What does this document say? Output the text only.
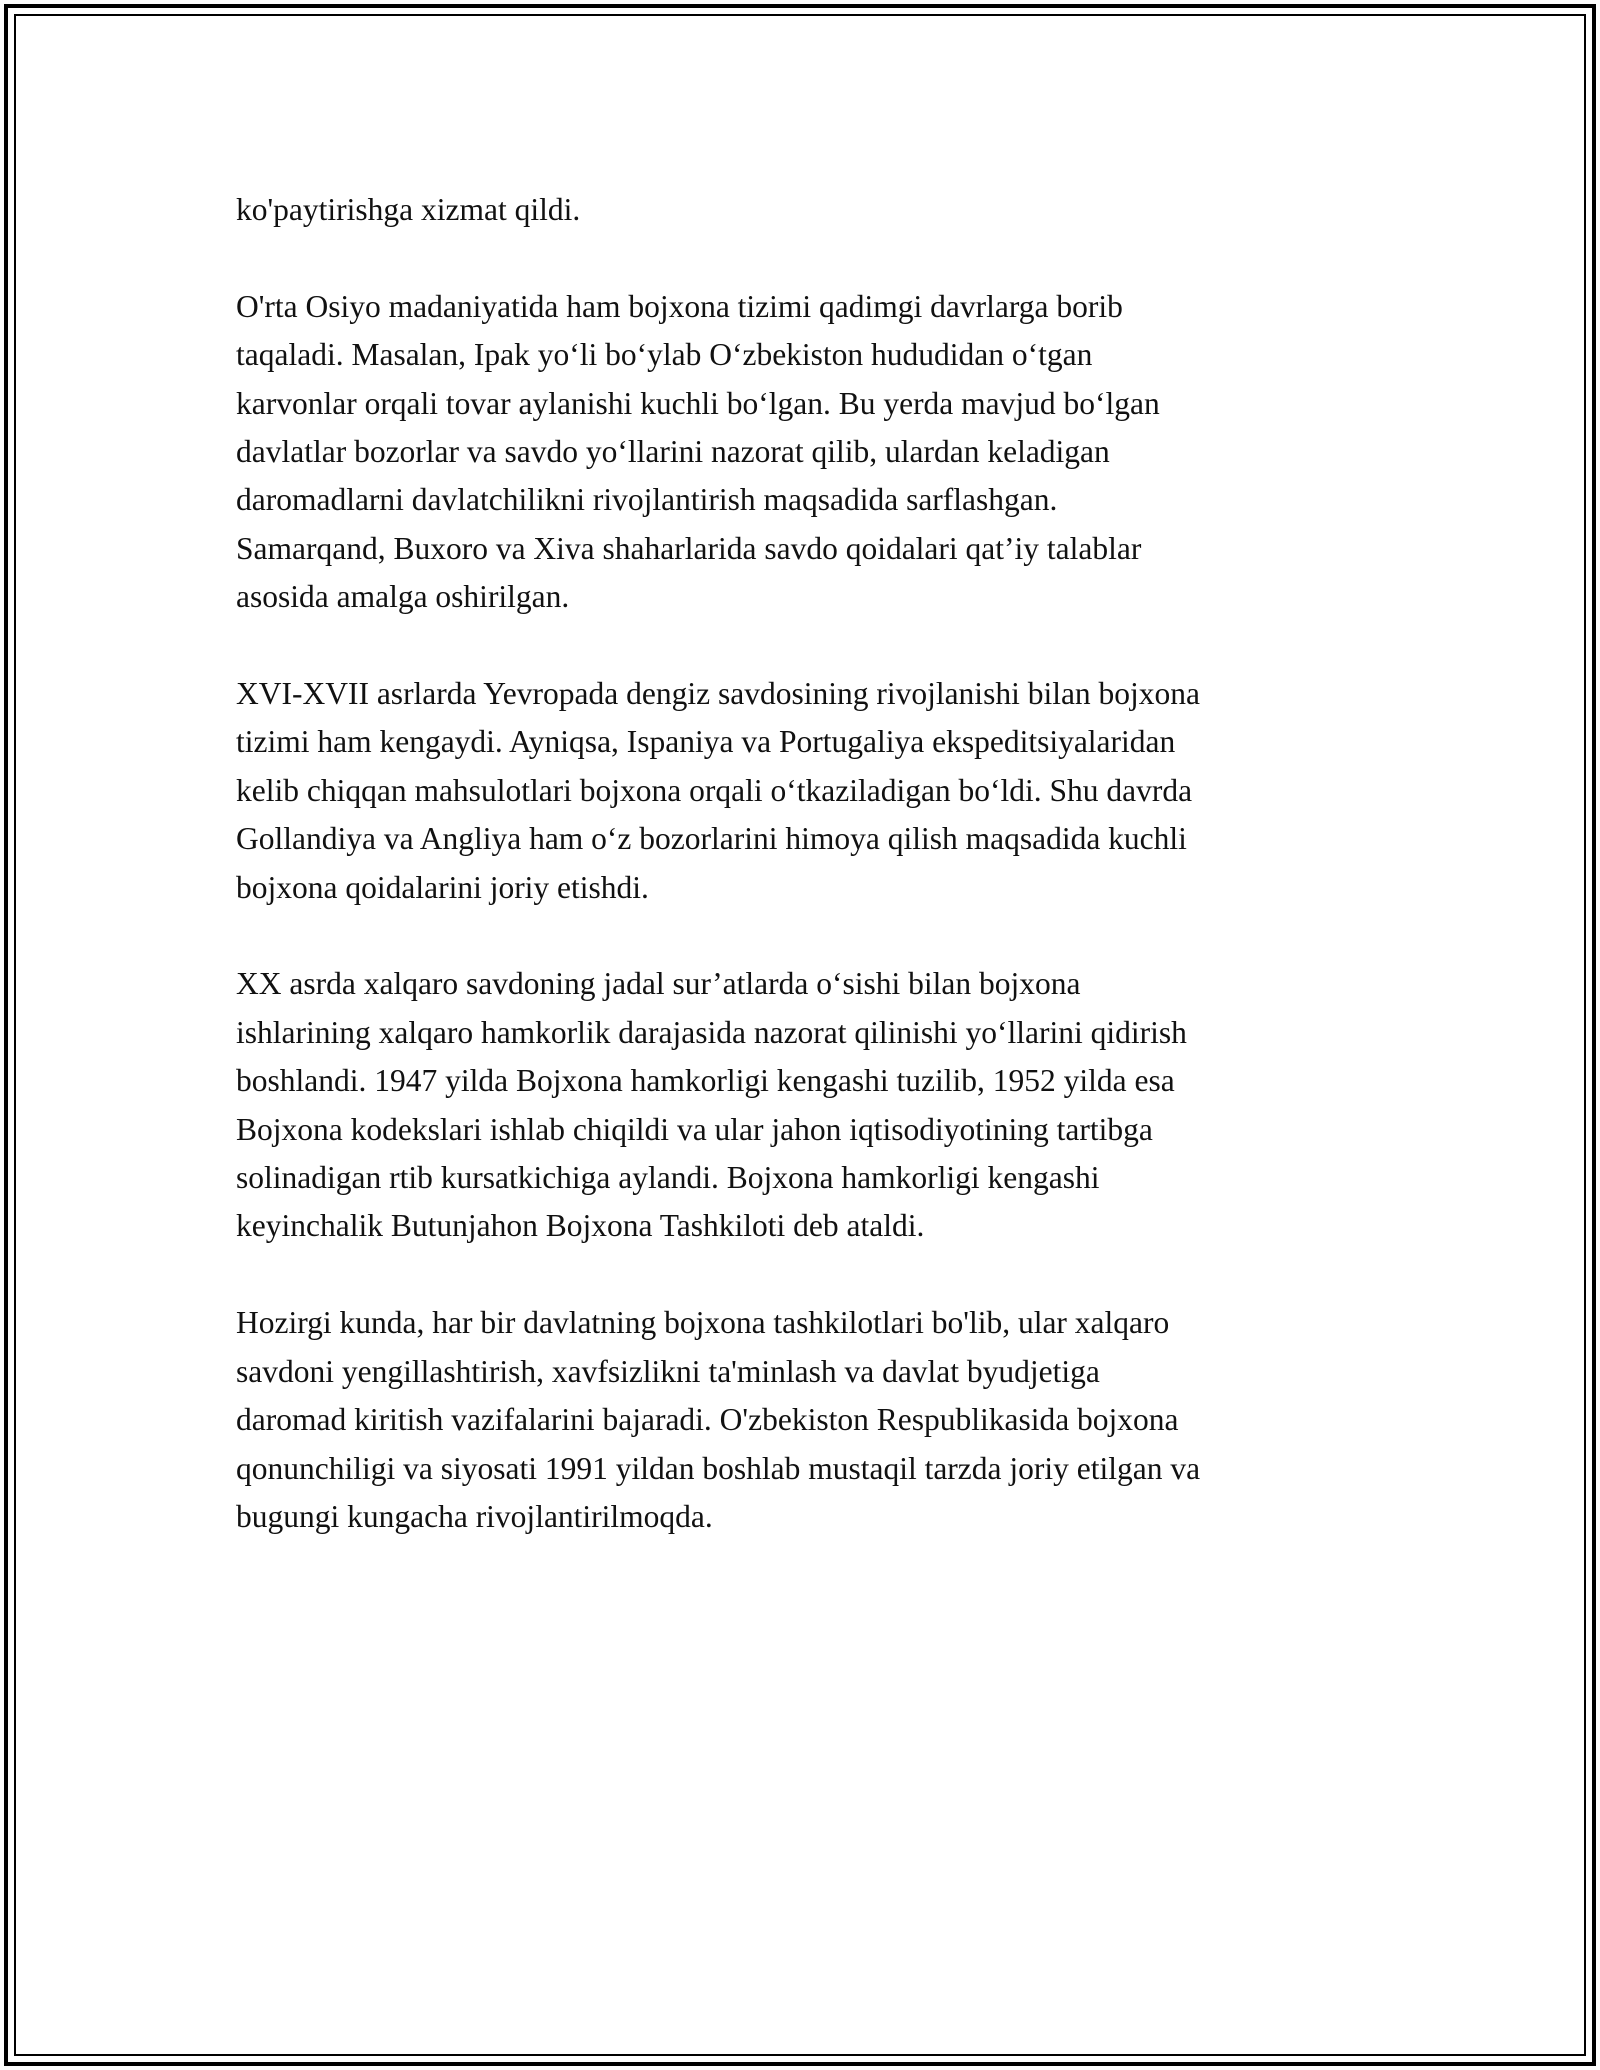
ko'paytirishga xizmat qildi.

O'rta Osiyo madaniyatida ham bojxona tizimi qadimgi davrlarga borib
taqaladi. Masalan, Ipak yo‘li bo‘ylab O‘zbekiston hududidan o‘tgan
karvonlar orqali tovar aylanishi kuchli bo‘lgan. Bu yerda mavjud bo‘lgan
davlatlar bozorlar va savdo yo‘llarini nazorat qilib, ulardan keladigan
daromadlarni davlatchilikni rivojlantirish maqsadida sarflashgan.
Samarqand, Buxoro va Xiva shaharlarida savdo qoidalari qat’iy talablar
asosida amalga oshirilgan.

XVI-XVII asrlarda Yevropada dengiz savdosining rivojlanishi bilan bojxona
tizimi ham kengaydi. Ayniqsa, Ispaniya va Portugaliya ekspeditsiyalaridan
kelib chiqqan mahsulotlari bojxona orqali o‘tkaziladigan bo‘ldi. Shu davrda
Gollandiya va Angliya ham o‘z bozorlarini himoya qilish maqsadida kuchli
bojxona qoidalarini joriy etishdi.

XX asrda xalqaro savdoning jadal sur’atlarda o‘sishi bilan bojxona
ishlarining xalqaro hamkorlik darajasida nazorat qilinishi yo‘llarini qidirish
boshlandi. 1947 yilda Bojxona hamkorligi kengashi tuzilib, 1952 yilda esa
Bojxona kodekslari ishlab chiqildi va ular jahon iqtisodiyotining tartibga
solinadigan rtib kursatkichiga aylandi. Bojxona hamkorligi kengashi
keyinchalik Butunjahon Bojxona Tashkiloti deb ataldi.

Hozirgi kunda, har bir davlatning bojxona tashkilotlari bo'lib, ular xalqaro
savdoni yengillashtirish, xavfsizlikni ta'minlash va davlat byudjetiga
daromad kiritish vazifalarini bajaradi. O'zbekiston Respublikasida bojxona
qonunchiligi va siyosati 1991 yildan boshlab mustaqil tarzda joriy etilgan va
bugungi kungacha rivojlantirilmoqda.
